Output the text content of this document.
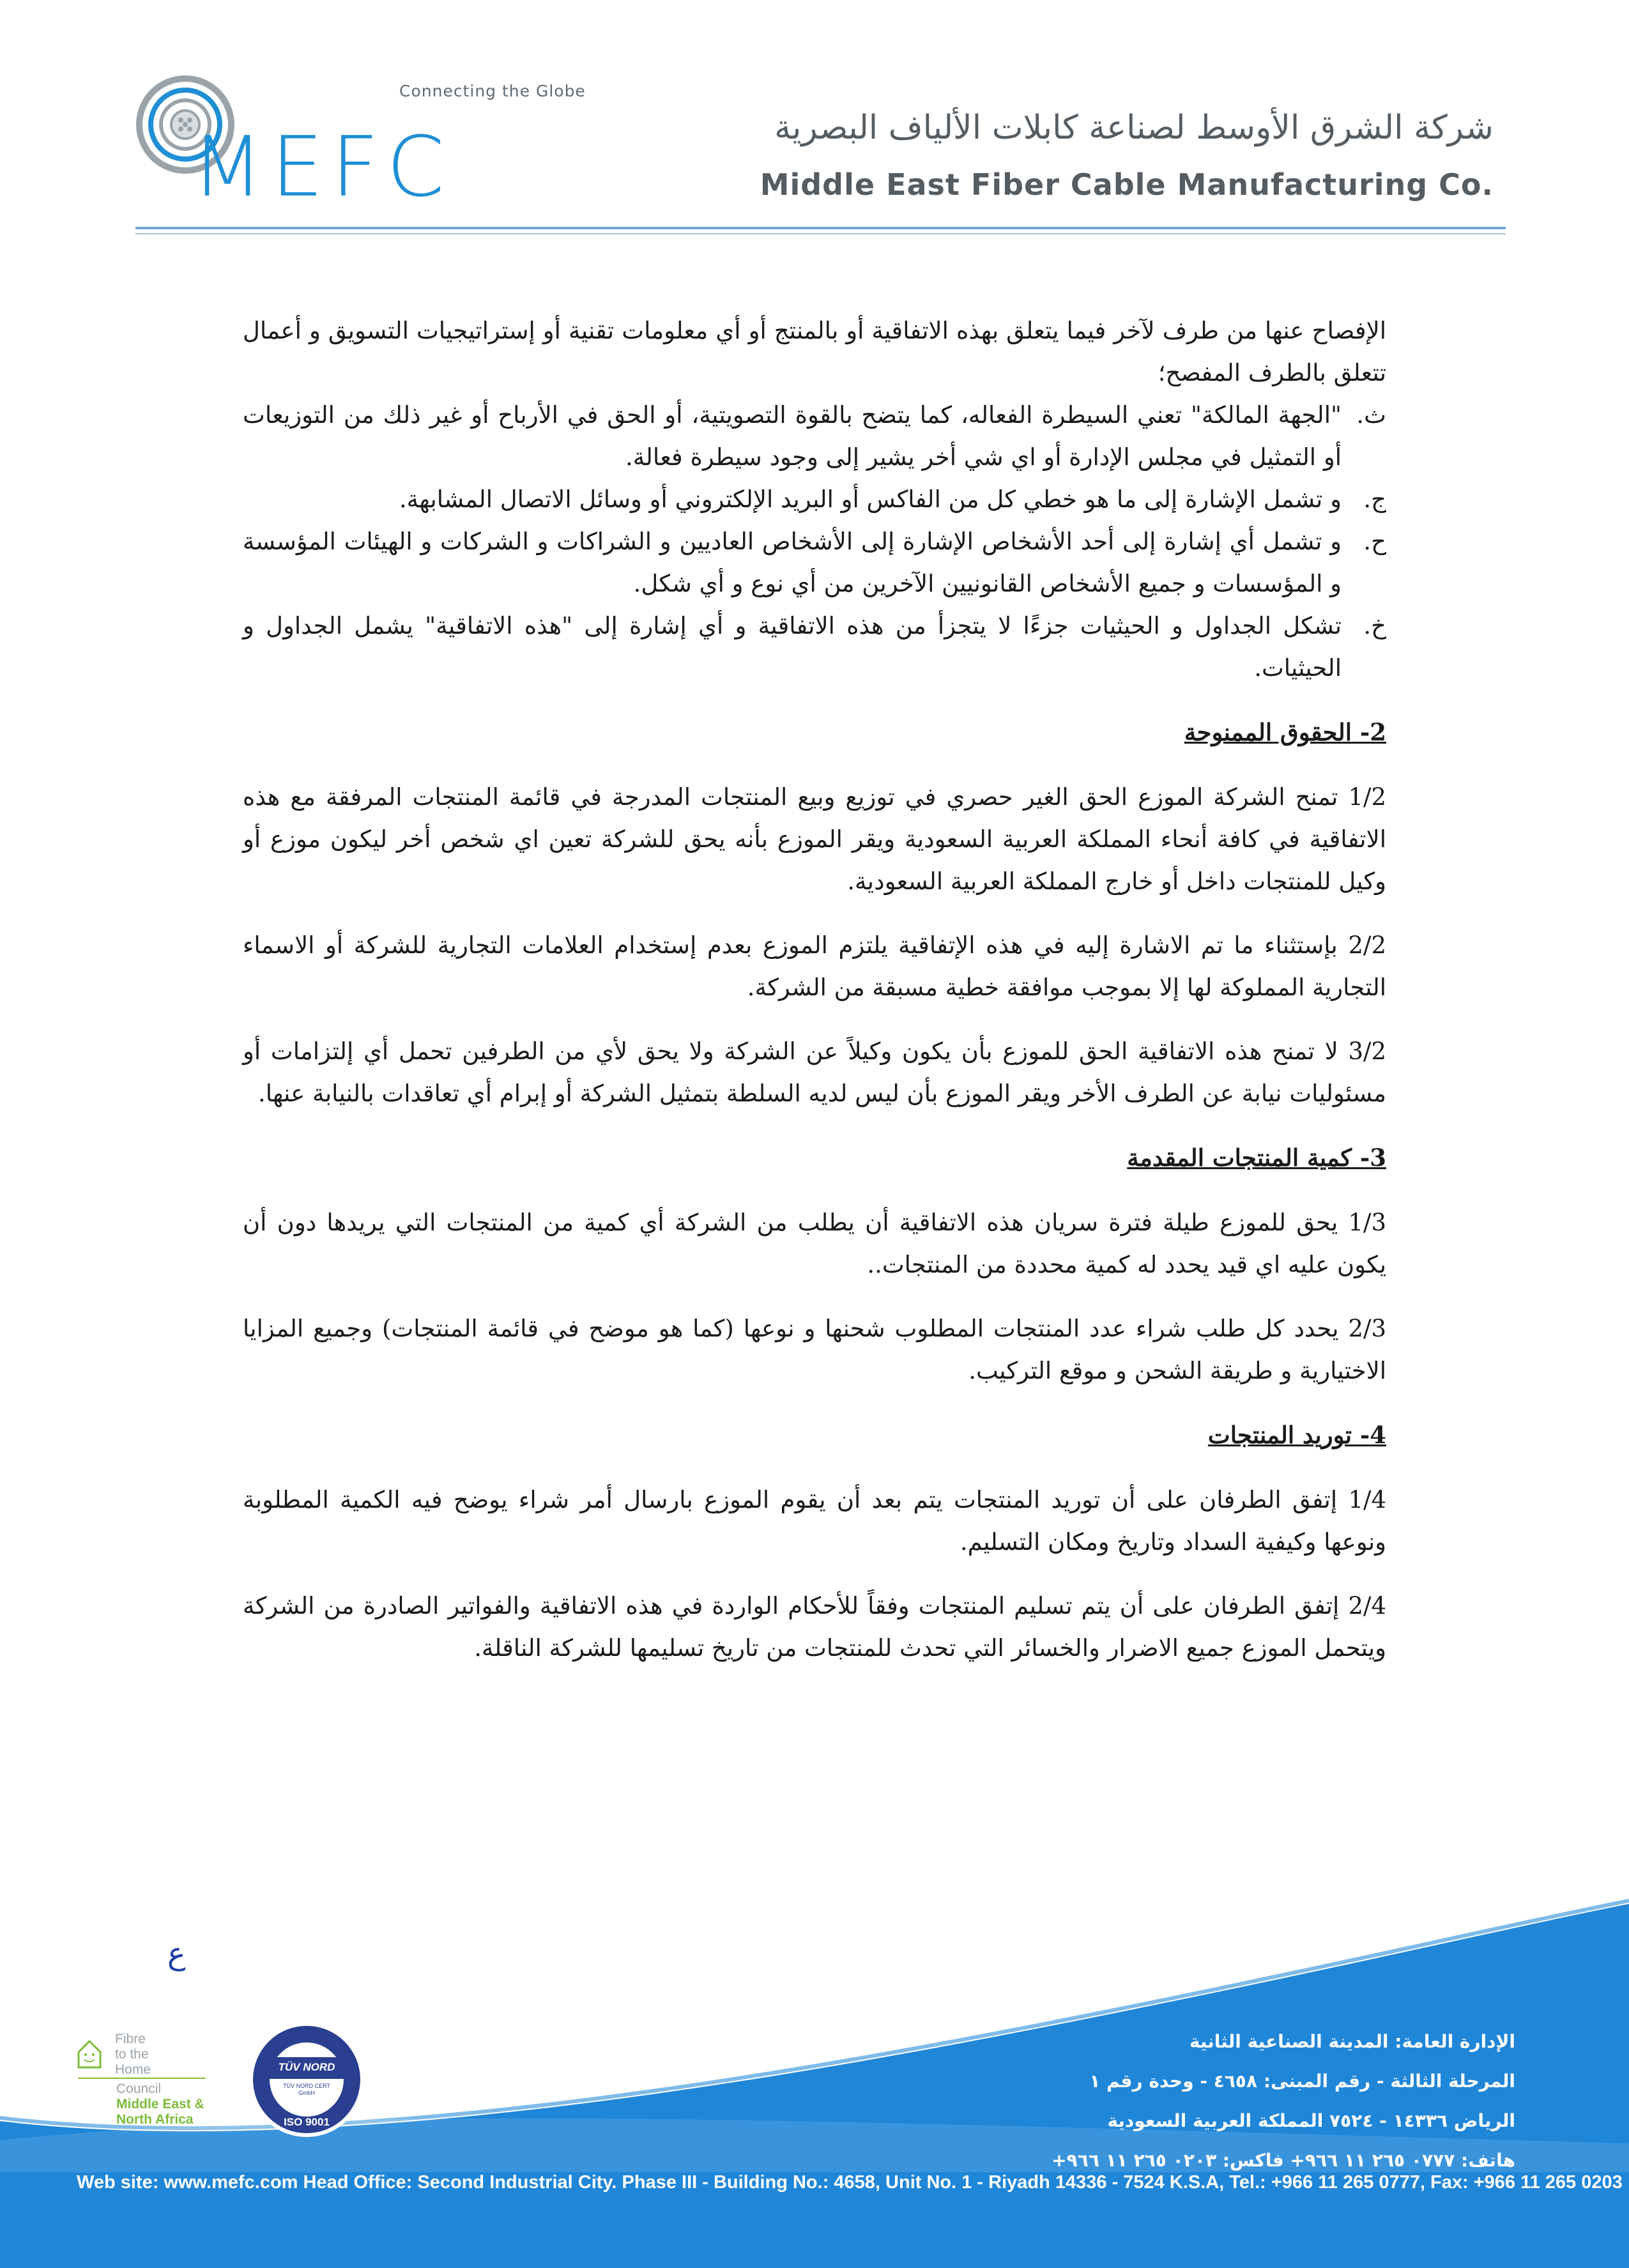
Connecting the Globe
mefc	شركة الشرق الأوسط لصناعة كابلات الألياف البصرية
Middle East Fiber Cable Manufacturing Co.

الإفصاح عنها من طرف لآخر فيما يتعلق بهذه الاتفاقية أو بالمنتج أو أي معلومات تقنية أو إستراتيجيات التسويق و أعمال تتعلق بالطرف المفصح؛

ث.
"الجهة المالكة" تعني السيطرة الفعاله، كما يتضح بالقوة التصويتية، أو الحق في الأرباح أو غير ذلك من التوزيعات أو التمثيل في مجلس الإدارة أو اي شي أخر يشير إلى وجود سيطرة فعالة.
ج.
و تشمل الإشارة إلى ما هو خطي كل من الفاكس أو البريد الإلكتروني أو وسائل الاتصال المشابهة.
ح.
و تشمل أي إشارة إلى أحد الأشخاص الإشارة إلى الأشخاص العاديين و الشراكات و الشركات و الهيئات المؤسسة و المؤسسات و جميع الأشخاص القانونيين الآخرين من أي نوع و أي شكل.
خ.
تشكل الجداول و الحيثيات جزءًا لا يتجزأ من هذه الاتفاقية و أي إشارة إلى "هذه الاتفاقية" يشمل الجداول و الحيثيات.

2- الحقوق الممنوحة

1/2 تمنح الشركة الموزع الحق الغير حصري في توزيع وبيع المنتجات المدرجة في قائمة المنتجات المرفقة مع هذه الاتفاقية في كافة أنحاء المملكة العربية السعودية ويقر الموزع بأنه يحق للشركة تعين اي شخص أخر ليكون موزع أو وكيل للمنتجات داخل أو خارج المملكة العربية السعودية.

2/2 بإستثناء ما تم الاشارة إليه في هذه الإتفاقية يلتزم الموزع بعدم إستخدام العلامات التجارية للشركة أو الاسماء التجارية المملوكة لها إلا بموجب موافقة خطية مسبقة من الشركة.

3/2 لا تمنح هذه الاتفاقية الحق للموزع بأن يكون وكيلاً عن الشركة ولا يحق لأي من الطرفين تحمل أي إلتزامات أو مسئوليات نيابة عن الطرف الأخر ويقر الموزع بأن ليس لديه السلطة بتمثيل الشركة أو إبرام أي تعاقدات بالنيابة عنها.

3- كمية المنتجات المقدمة

1/3 يحق للموزع طيلة فترة سريان هذه الاتفاقية أن يطلب من الشركة أي كمية من المنتجات التي يريدها دون أن يكون عليه اي قيد يحدد له كمية محددة من المنتجات..

2/3 يحدد كل طلب شراء عدد المنتجات المطلوب شحنها و نوعها (كما هو موضح في قائمة المنتجات) وجميع المزايا الاختيارية و طريقة الشحن و موقع التركيب.

4- توريد المنتجات

1/4 إتفق الطرفان على أن توريد المنتجات يتم بعد أن يقوم الموزع بارسال أمر شراء يوضح فيه الكمية المطلوبة ونوعها وكيفية السداد وتاريخ ومكان التسليم.

2/4 إتفق الطرفان على أن يتم تسليم المنتجات وفقاً للأحكام الواردة في هذه الاتفاقية والفواتير الصادرة من الشركة ويتحمل الموزع جميع الاضرار والخسائر التي تحدث للمنتجات من تاريخ تسليمها للشركة الناقلة.

ع
Fibre
to the
Home
Council
Middle East &
North Africa
TÜV NORD
TÜV NORD CERT GmbH
ISO 9001
الإدارة العامة: المدينة الصناعية الثانية
المرحلة الثالثة - رقم المبنى: ٤٦٥٨ - وحدة رقم ١
الرياض ١٤٣٣٦ - ٧٥٢٤ المملكة العربية السعودية
هاتف: ٠٧٧٧ ٢٦٥ ١١ ٩٦٦+ فاكس: ٠٢٠٣ ٢٦٥ ١١ ٩٦٦+
Web site: www.mefc.com Head Office: Second Industrial City. Phase III - Building No.: 4658, Unit No. 1 - Riyadh 14336 - 7524 K.S.A, Tel.: +966 11 265 0777, Fax: +966 11 265 0203
